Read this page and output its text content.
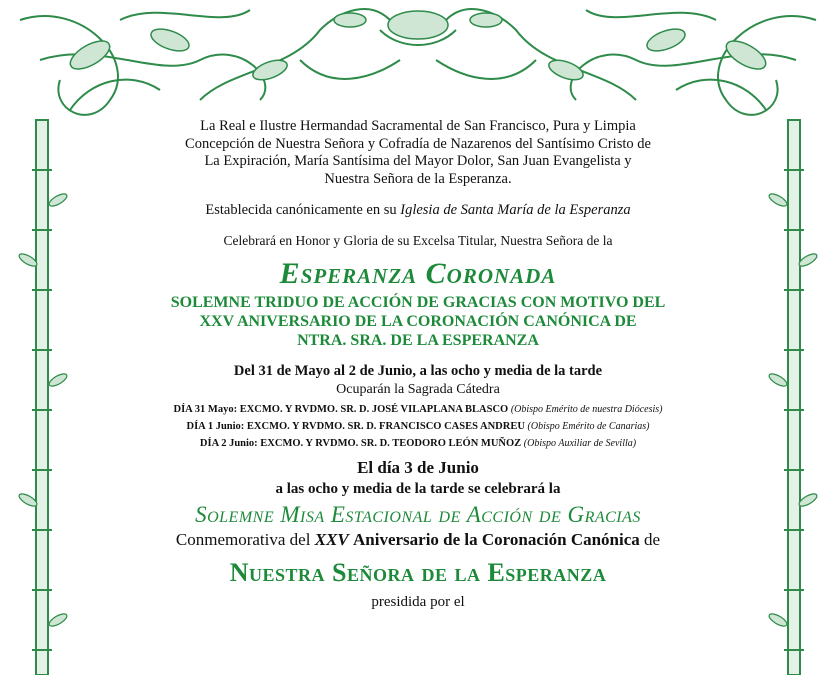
La Real e Ilustre Hermandad Sacramental de San Francisco, Pura y Limpia
Concepción de Nuestra Señora y Cofradía de Nazarenos del Santísimo Cristo de
La Expiración, María Santísima del Mayor Dolor, San Juan Evangelista y
Nuestra Señora de la Esperanza.

Establecida canónicamente en su Iglesia de Santa María de la Esperanza

Celebrará en Honor y Gloria de su Excelsa Titular, Nuestra Señora de la

Esperanza Coronada

SOLEMNE TRIDUO DE ACCIÓN DE GRACIAS CON MOTIVO DEL
XXV ANIVERSARIO DE LA CORONACIÓN CANÓNICA DE
NTRA. SRA. DE LA ESPERANZA

Del 31 de Mayo al 2 de Junio, a las ocho y media de la tarde

Ocuparán la Sagrada Cátedra

DÍA 31 Mayo: EXCMO. Y RVDMO. SR. D. JOSÉ VILAPLANA BLASCO (Obispo Emérito de nuestra Diócesis)

DÍA 1 Junio: EXCMO. Y RVDMO. SR. D. FRANCISCO CASES ANDREU (Obispo Emérito de Canarias)

DÍA 2 Junio: EXCMO. Y RVDMO. SR. D. TEODORO LEÓN MUÑOZ (Obispo Auxiliar de Sevilla)

El día 3 de Junio

a las ocho y media de la tarde se celebrará la

Solemne Misa Estacional de Acción de Gracias

Conmemorativa del XXV Aniversario de la Coronación Canónica de

Nuestra Señora de la Esperanza

presidida por el
